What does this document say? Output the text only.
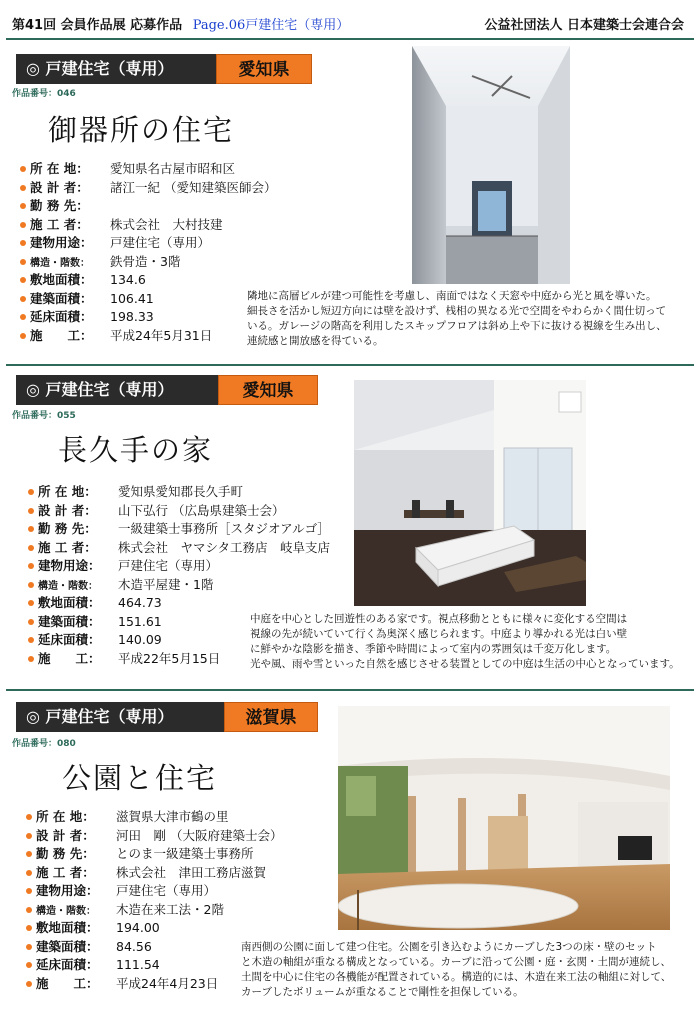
第41回 会員作品展 応募作品 Page.06戸建住宅（専用）	公益社団法人 日本建築士会連合会
◎ 戸建住宅（専用）	愛知県
作品番号：046
御器所の住宅
所 在 地： 愛知県名古屋市昭和区
設 計 者： 諸江一紀 （愛知建築医師会）
勤 務 先：
施 工 者： 株式会社　大村技建
建物用途： 戸建住宅（専用）
構造・階数： 鉄骨造・3階
敷地面積： 134.6
建築面積： 106.41
延床面積： 198.33
施　　工： 平成24年5月31日

隣地に高層ビルが建つ可能性を考慮し、南面ではなく天窓や中庭から光と風を導いた。

細長さを活かし短辺方向には壁を設けず、桟相の異なる光で空間をやわらかく間仕切って

いる。ガレージの階高を利用したスキップフロアは斜め上や下に抜ける視線を生み出し、

連続感と開放感を得ている。

◎ 戸建住宅（専用）	愛知県
作品番号：055
長久手の家
所 在 地： 愛知県愛知郡長久手町
設 計 者： 山下弘行 （広島県建築士会）
勤 務 先： 一級建築士事務所［スタジオアルゴ］
施 工 者： 株式会社　ヤマシタ工務店　岐阜支店
建物用途： 戸建住宅（専用）
構造・階数： 木造平屋建・1階
敷地面積： 464.73
建築面積： 151.61
延床面積： 140.09
施　　工： 平成22年5月15日

中庭を中心とした回遊性のある家です。視点移動とともに様々に変化する空間は

視線の先が続いていて行く為奥深く感じられます。中庭より導かれる光は白い壁

に鮮やかな陰影を描き、季節や時間によって室内の雰囲気は千変万化します。

光や風、雨や雪といった自然を感じさせる装置としての中庭は生活の中心となっています。

◎ 戸建住宅（専用）	滋賀県
作品番号：080
公園と住宅
所 在 地： 滋賀県大津市鶴の里
設 計 者： 河田　剛 （大阪府建築士会）
勤 務 先： とのま一級建築士事務所
施 工 者： 株式会社　津田工務店滋賀
建物用途： 戸建住宅（専用）
構造・階数： 木造在来工法・2階
敷地面積： 194.00
建築面積： 84.56
延床面積： 111.54
施　　工： 平成24年4月23日

南西側の公園に面して建つ住宅。公園を引き込むようにカーブした3つの床・壁のセット

と木造の軸組が重なる構成となっている。カーブに沿って公園・庭・玄関・土間が連続し、

土間を中心に住宅の各機能が配置されている。構造的には、木造在来工法の軸組に対して、

カーブしたボリュームが重なることで剛性を担保している。
